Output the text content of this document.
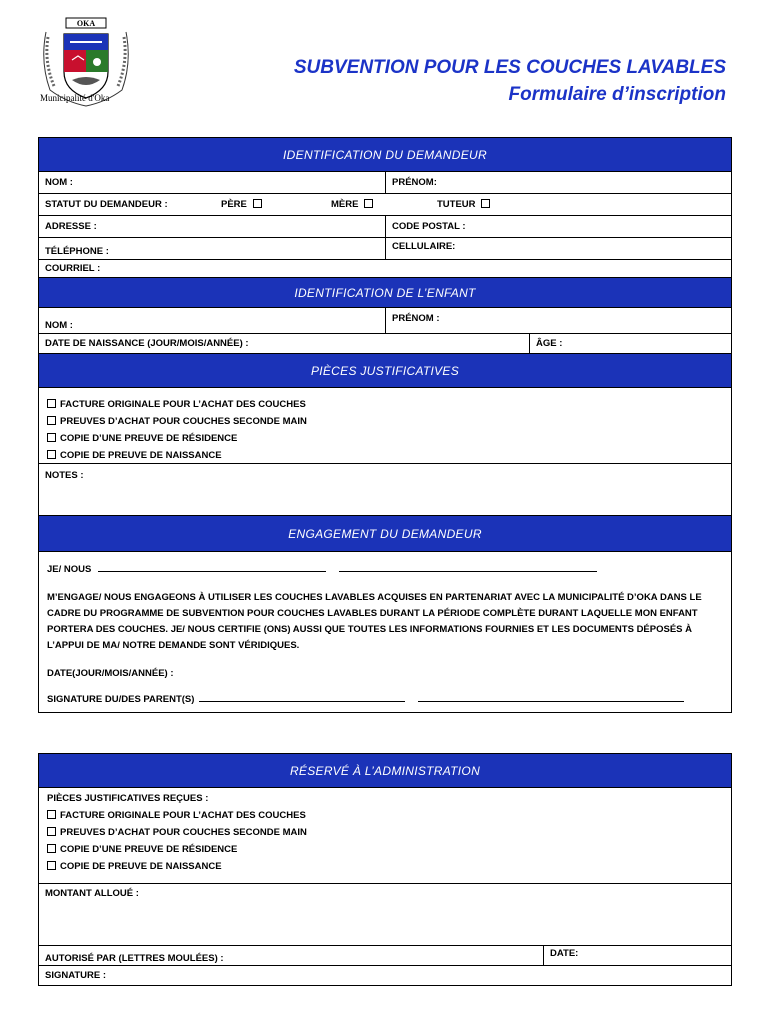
OKA
Municipalité d'Oka
SUBVENTION POUR LES COUCHES LAVABLES
Formulaire d’inscription
IDENTIFICATION DU DEMANDEUR
NOM :	PRÉNOM:
STATUT DU DEMANDEUR :	PÈRE	MÈRE	TUTEUR
ADRESSE :	CODE POSTAL :
TÉLÉPHONE :	CELLULAIRE:
COURRIEL :
IDENTIFICATION DE L’ENFANT
NOM :
PRÉNOM :
DATE DE NAISSANCE (JOUR/MOIS/ANNÉE) :	ÂGE :
PIÈCES JUSTIFICATIVES
FACTURE ORIGINALE POUR L’ACHAT DES COUCHES
PREUVES D’ACHAT POUR COUCHES SECONDE MAIN
COPIE D’UNE PREUVE DE RÉSIDENCE
COPIE DE PREUVE DE NAISSANCE
NOTES :
ENGAGEMENT DU DEMANDEUR
JE/ NOUS
M’ENGAGE/ NOUS ENGAGEONS À UTILISER LES COUCHES LAVABLES ACQUISES EN PARTENARIAT AVEC LA MUNICIPALITÉ D’OKA DANS LE CADRE DU PROGRAMME DE SUBVENTION POUR COUCHES LAVABLES DURANT LA PÉRIODE COMPLÈTE DURANT LAQUELLE MON ENFANT PORTERA DES COUCHES. JE/ NOUS CERTIFIE (ONS) AUSSI QUE TOUTES LES INFORMATIONS FOURNIES ET LES DOCUMENTS DÉPOSÉS À L’APPUI DE MA/ NOTRE DEMANDE SONT VÉRIDIQUES.
DATE(JOUR/MOIS/ANNÉE) :
SIGNATURE DU/DES PARENT(S)
RÉSERVÉ À L’ADMINISTRATION
PIÈCES JUSTIFICATIVES REÇUES :
FACTURE ORIGINALE POUR L’ACHAT DES COUCHES
PREUVES D’ACHAT POUR COUCHES SECONDE MAIN
COPIE D’UNE PREUVE DE RÉSIDENCE
COPIE DE PREUVE DE NAISSANCE
MONTANT ALLOUÉ :
AUTORISÉ PAR (LETTRES MOULÉES) :	DATE:
SIGNATURE :
